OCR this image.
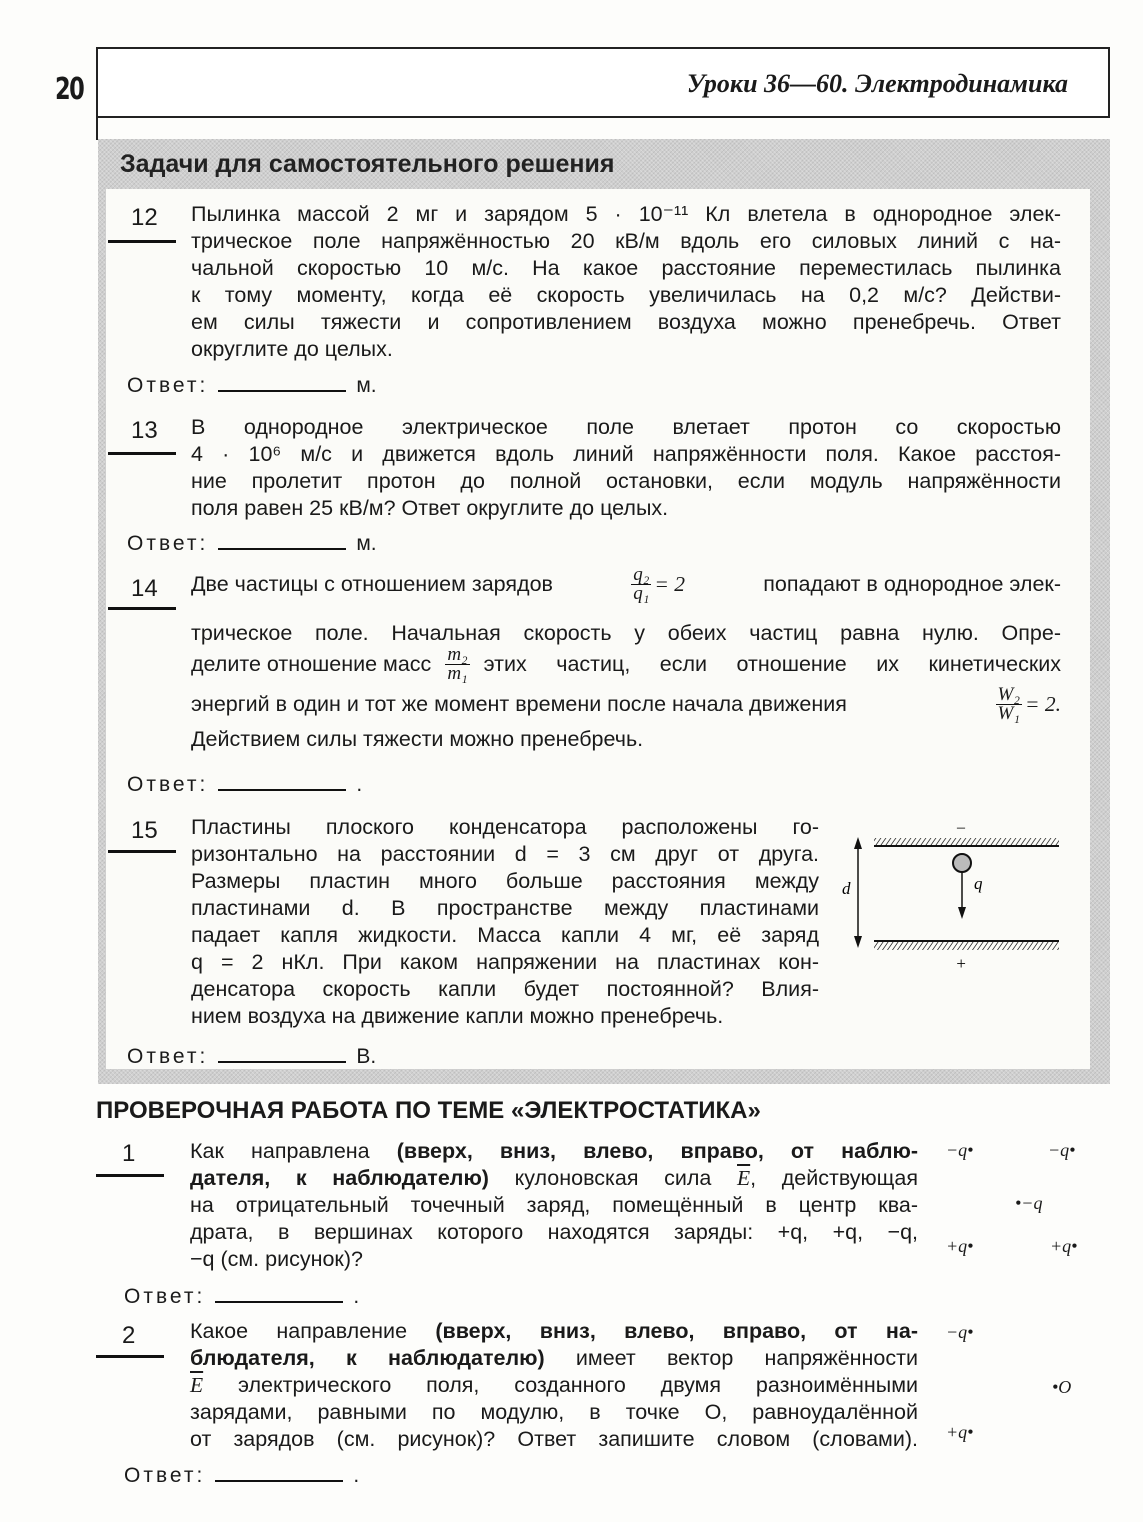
20	Уроки 36—60. Электродинамика
Задачи для самостоятельного решения
12 Пылинка массой 2 мг и зарядом 5 · 10⁻¹¹ Кл влетела в однородное элек-
трическое поле напряжённостью 20 кВ/м вдоль его силовых линий с на-
чальной скоростью 10 м/с. На какое расстояние переместилась пылинка
к тому моменту, когда её скорость увеличилась на 0,2 м/с? Действи-
ем силы тяжести и сопротивлением воздуха можно пренебречь. Ответ
округлите до целых.
Ответ:	м.
13 В однородное электрическое поле влетает протон со скоростью
4 · 10⁶ м/с и движется вдоль линий напряжённости поля. Какое расстоя-
ние пролетит протон до полной остановки, если модуль напряжённости
поля равен 25 кВ/м? Ответ округлите до целых.
Ответ:	м.
14 Две частицы с отношением зарядов	$\frac{\text{q₂}}{\text{q₁}} = 2$	попадают в однородное элек-
трическое поле. Начальная скорость у обеих частиц равна нулю. Опре-
делите отношение масс $\frac{\text{m₂}}{\text{m₁}}$ этих частиц, если отношение их кинетических
энергий в один и тот же момент времени после начала движения	$\frac{\text{W₂}}{\text{W₁}} = 2$.
Действием силы тяжести можно пренебречь.
Ответ:	.
15 Пластины плоского конденсатора расположены го-
ризонтально на расстоянии d = 3 см друг от друга.
Размеры пластин много больше расстояния между
пластинами d. В пространстве между пластинами
падает капля жидкости. Масса капли 4 мг, её заряд
q = 2 нКл. При каком напряжении на пластинах кон-
денсатора скорость капли будет постоянной? Влия-
нием воздуха на движение капли можно пренебречь.
–
+
d	q
Ответ:	В.
ПРОВЕРОЧНАЯ РАБОТА ПО ТЕМЕ «ЭЛЕКТРОСТАТИКА»
1	Как направлена (вверх, вниз, влево, вправо, от наблю-
дателя, к наблюдателю) кулоновская сила $\overline{E}$, действующая
на отрицательный точечный заряд, помещённый в центр ква-
драта, в вершинах которого находятся заряды: +q, +q, −q,
−q (см. рисунок)?
−q•	−q•
•−q
+q•	+q•
Ответ:	.
2	Какое направление (вверх, вниз, влево, вправо, от на-
блюдателя, к наблюдателю) имеет вектор напряжённости
$\overline{E}$ электрического поля, созданного двумя разноимёнными
зарядами, равными по модулю, в точке O, равноудалённой
от зарядов (см. рисунок)? Ответ запишите словом (словами).
−q•
•O
+q•
Ответ:	.
